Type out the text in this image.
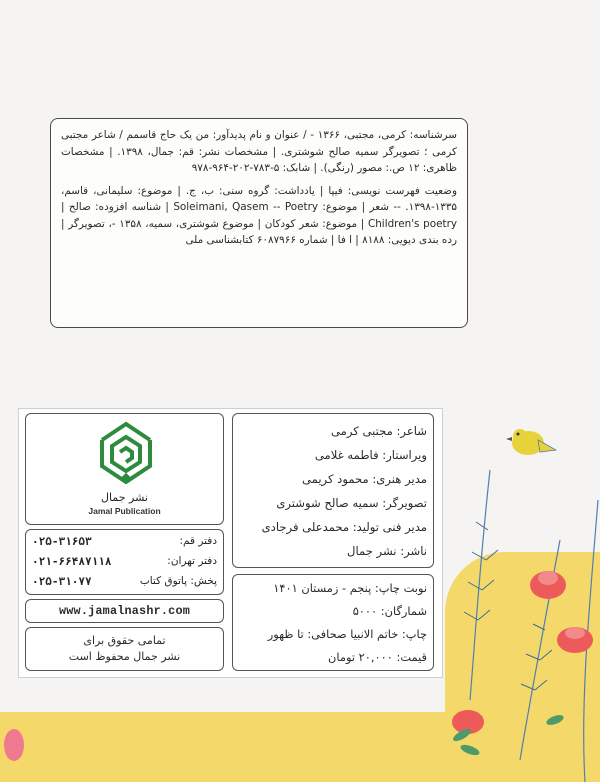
سرشناسه: کرمی، مجتبی، ۱۳۶۶ - / عنوان و نام پدیدآور: من یک حاج قاسمم / شاعر مجتبی کرمی ؛ تصویرگر سمیه صالح شوشتری. | مشخصات نشر: قم: جمال، ۱۳۹۸. | مشخصات ظاهری: ۱۲ ص.: مصور (رنگی). | شابک: ۵-۷۸۳-۲۰۲-۹۶۴-۹۷۸

وضعیت فهرست نویسی: فیپا | یادداشت: گروه سنی: ب، ج. | موضوع: سلیمانی، قاسم، ۱۳۳۵-۱۳۹۸. -- شعر | موضوع: Soleimani, Qasem -- Poetry | شناسه افزوده: صالح | Children's poetry | موضوع: شعر کودکان | موضوع شوشتری، سمیه، ۱۳۵۸ -، تصویرگر | رده بندی دیویی: ۸۱۸۸ | ا فا | شماره ۶۰۸۷۹۶۶ کتابشناسی ملی

شاعر: مجتبی کرمی
ویراستار: فاطمه غلامی
مدیر هنری: محمود کریمی
تصویرگر: سمیه صالح شوشتری
مدیر فنی تولید: محمدعلی فرجادی
ناشر: نشر جمال
نوبت چاپ: پنجم - زمستان ۱۴۰۱
شمارگان: ۵۰۰۰
چاپ: خاتم الانبیا صحافی: تا ظهور
قیمت: ۲۰,۰۰۰ تومان
نشر جمال
Jamal Publication
دفتر قم:
۰۲۵-۳۱۶۵۳
دفتر تهران:
۰۲۱-۶۶۴۸۷۱۱۸
پخش: پاتوق کتاب
۰۲۵-۳۱۰۷۷
www.jamalnashr.com
تمامی حقوق برای
نشر جمال محفوظ است
